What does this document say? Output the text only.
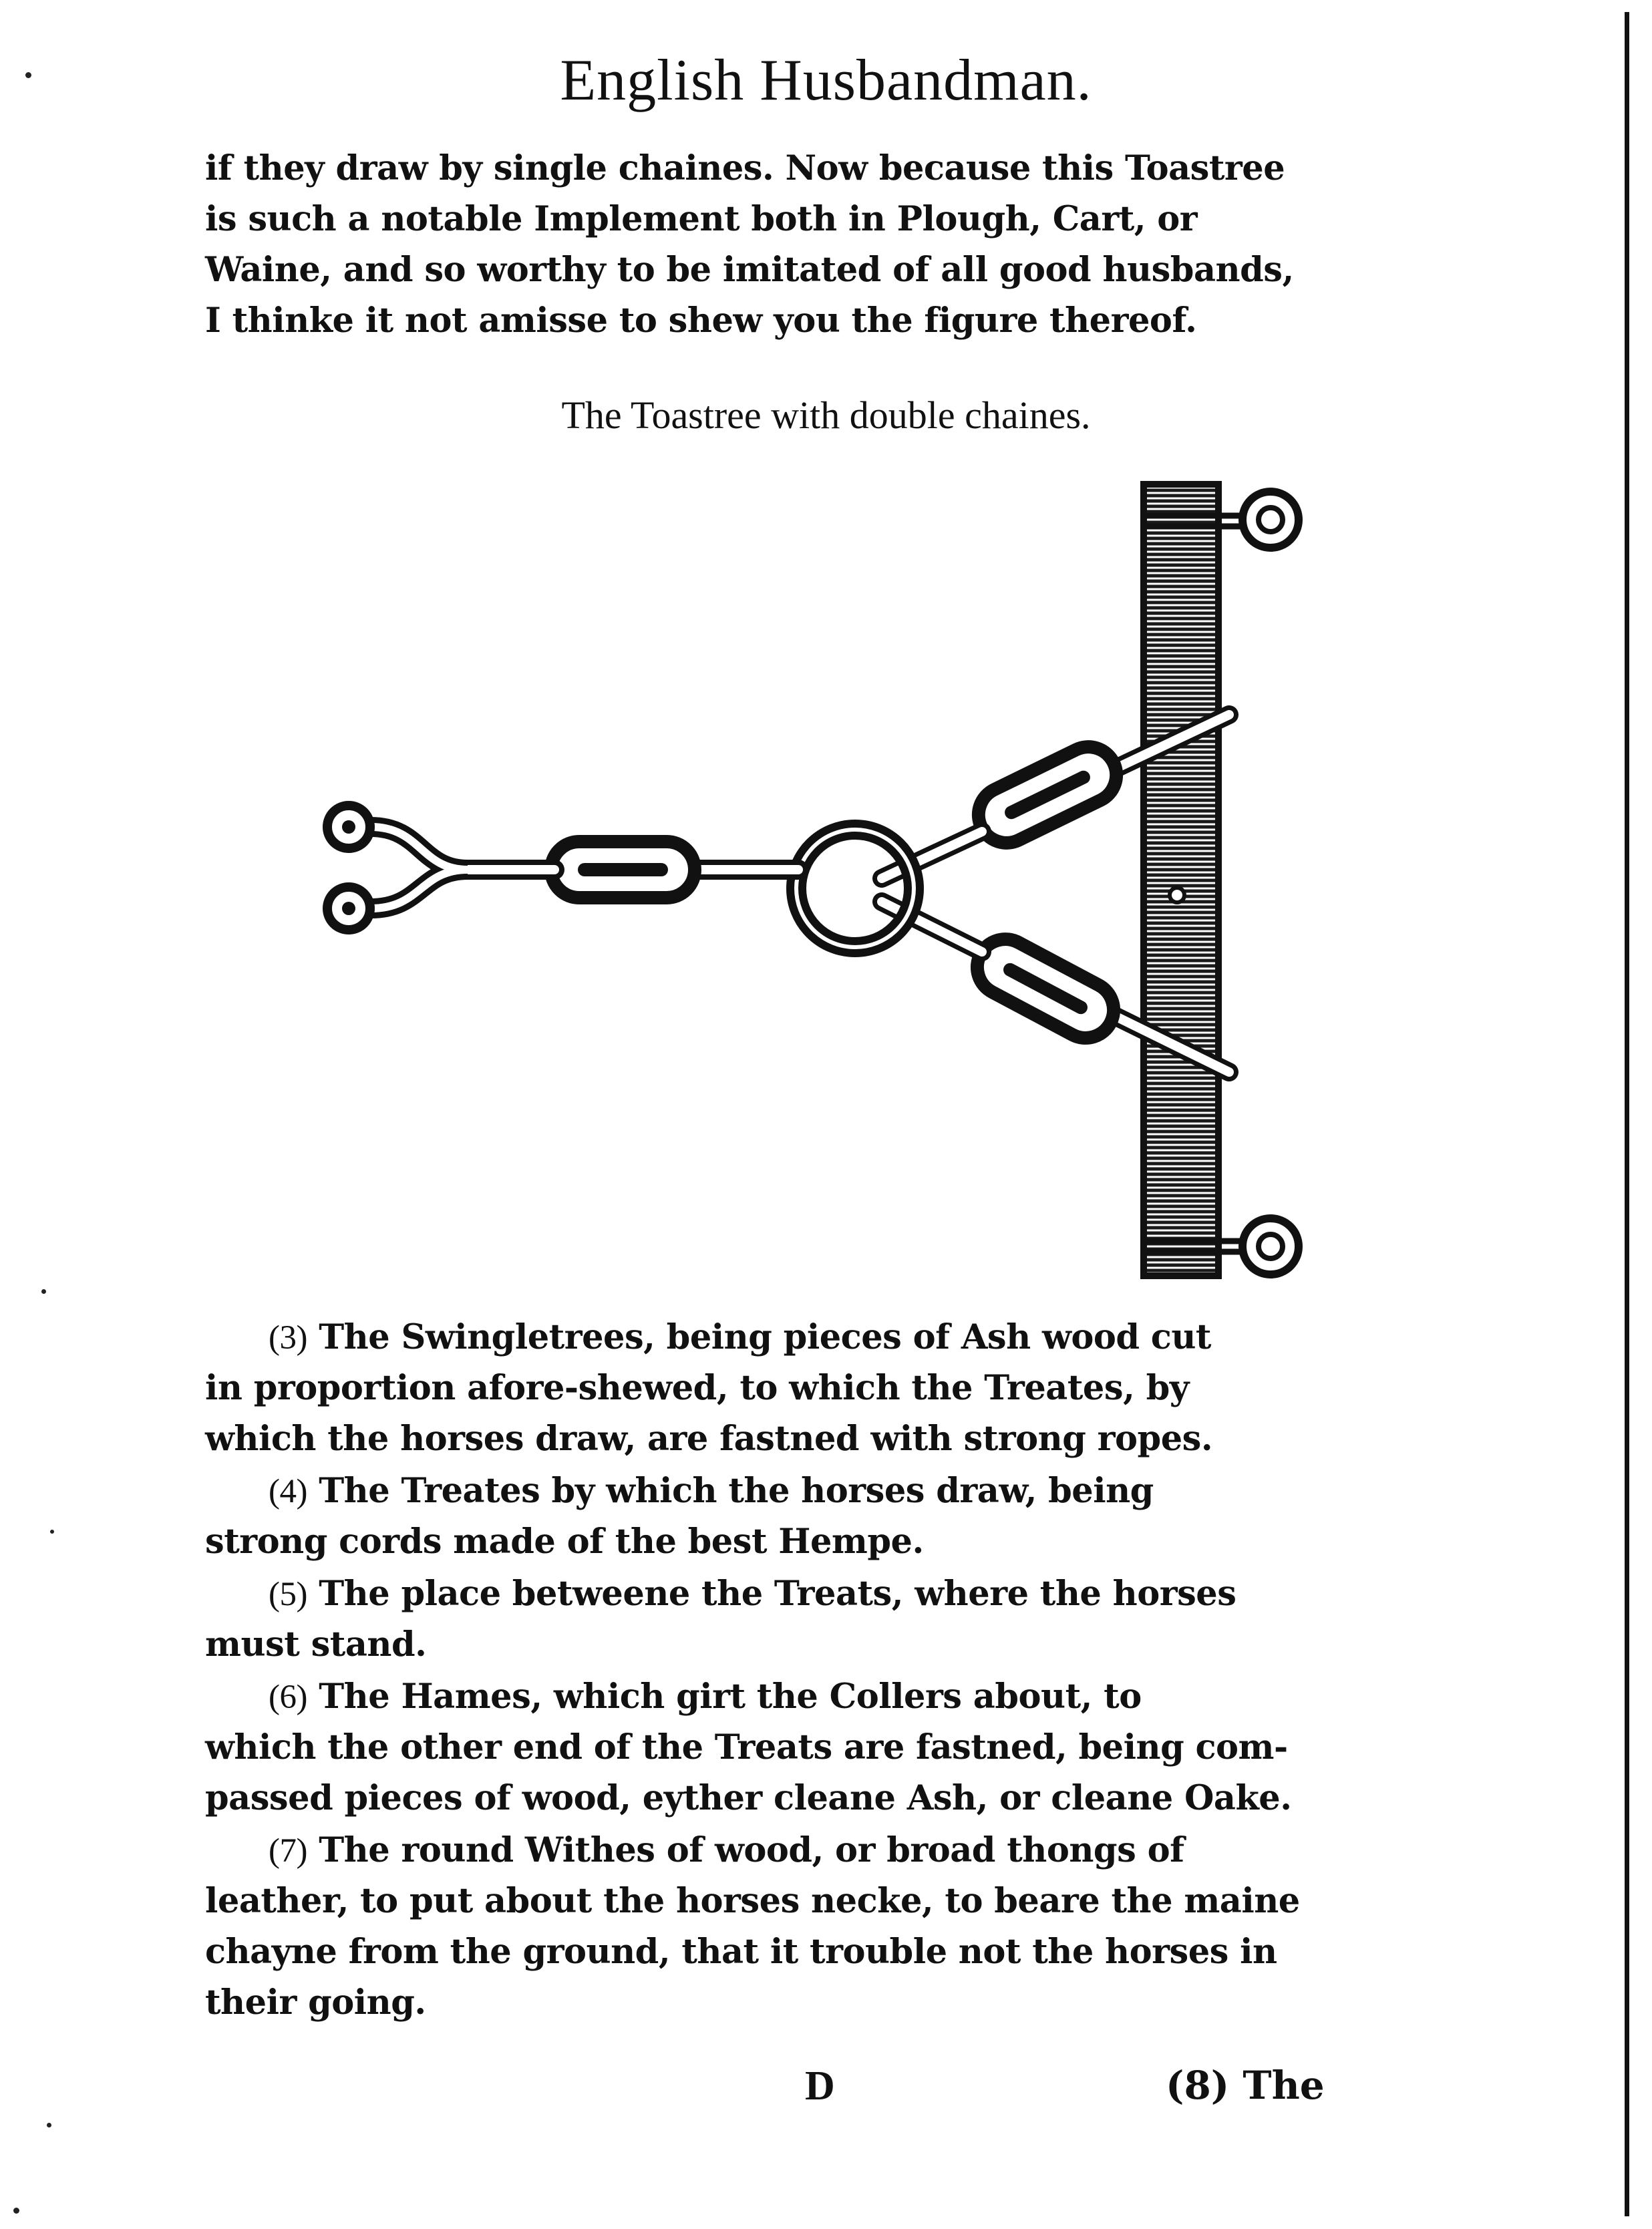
English Husbandman.
if they draw by single chaines. Now because this Toastree
is such a notable Implement both in Plough, Cart, or
Waine, and so worthy to be imitated of all good husbands,
I thinke it not amisse to shew you the figure thereof.
The Toastree with double chaines.
(3) The Swingletrees, being pieces of Ash wood cut
in proportion afore-shewed, to which the Treates, by
which the horses draw, are fastned with strong ropes.
(4) The Treates by which the horses draw, being
strong cords made of the best Hempe.
(5) The place betweene the Treats, where the horses
must stand.
(6) The Hames, which girt the Collers about, to
which the other end of the Treats are fastned, being com-
passed pieces of wood, eyther cleane Ash, or cleane Oake.
(7) The round Withes of wood, or broad thongs of
leather, to put about the horses necke, to beare the maine
chayne from the ground, that it trouble not the horses in
their going.
D	(8) The
